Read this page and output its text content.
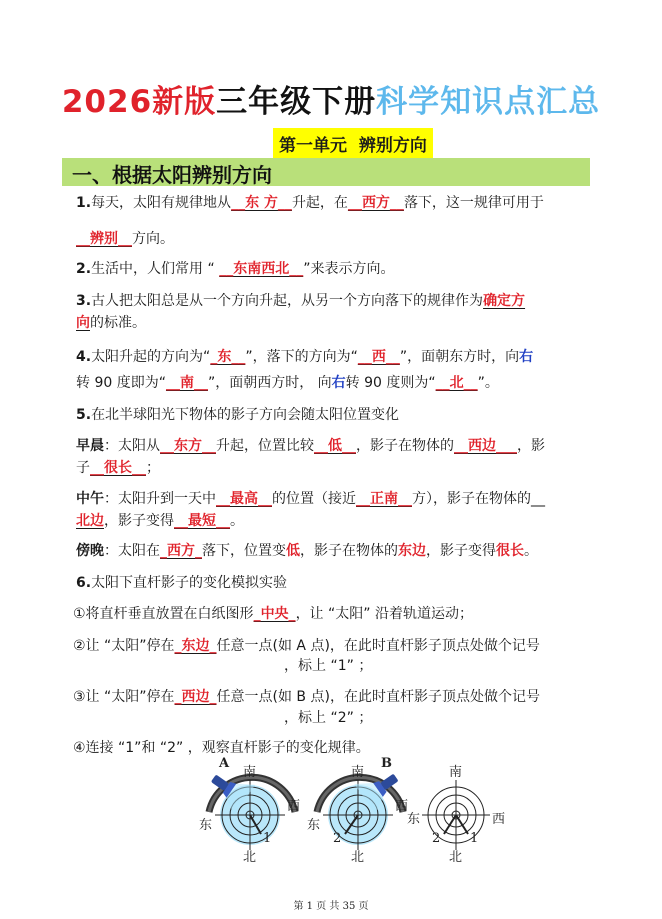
2026新版三年级下册科学知识点汇总
第一单元  辨别方向
一、根据太阳辨别方向
1.每天，太阳有规律地从__东 方__升起，在__西方__落下，这一规律可用于
__辨别__方向。
2.生活中，人们常用 “ __东南西北__”来表示方向。
3.古人把太阳总是从一个方向升起，从另一个方向落下的规律作为确定方
向的标准。
4.太阳升起的方向为“_东__”，落下的方向为“__西__”，面朝东方时，向右
转 90 度即为“__南__”，面朝西方时， 向右转 90 度则为“__北__”。
5.在北半球阳光下物体的影子方向会随太阳位置变化
早晨：太阳从__东方__升起，位置比较__低__，影子在物体的__西边___，影
子__很长__；
中午：太阳升到一天中__最高__的位置（接近__正南__方），影子在物体的__
北边，影子变得__最短__。
傍晚：太阳在_西方_落下，位置变低，影子在物体的东边，影子变得很长。
6.太阳下直杆影子的变化模拟实验
①将直杆垂直放置在白纸图形_中央_，让 “太阳” 沿着轨道运动；
②让 “太阳”停在_东边_任意一点(如 A 点)，在此时直杆影子顶点处做个记号
，标上 “1” ；
③让 “太阳”停在_西边_任意一点(如 B 点)，在此时直杆影子顶点处做个记号
，标上 “2” ；
④连接 “1”和 “2” ，观察直杆影子的变化规律。
A
南
北
东
西
1
B
南
北
东
西
2
南
北
东	西
1
2
第 1 页 共 35 页
